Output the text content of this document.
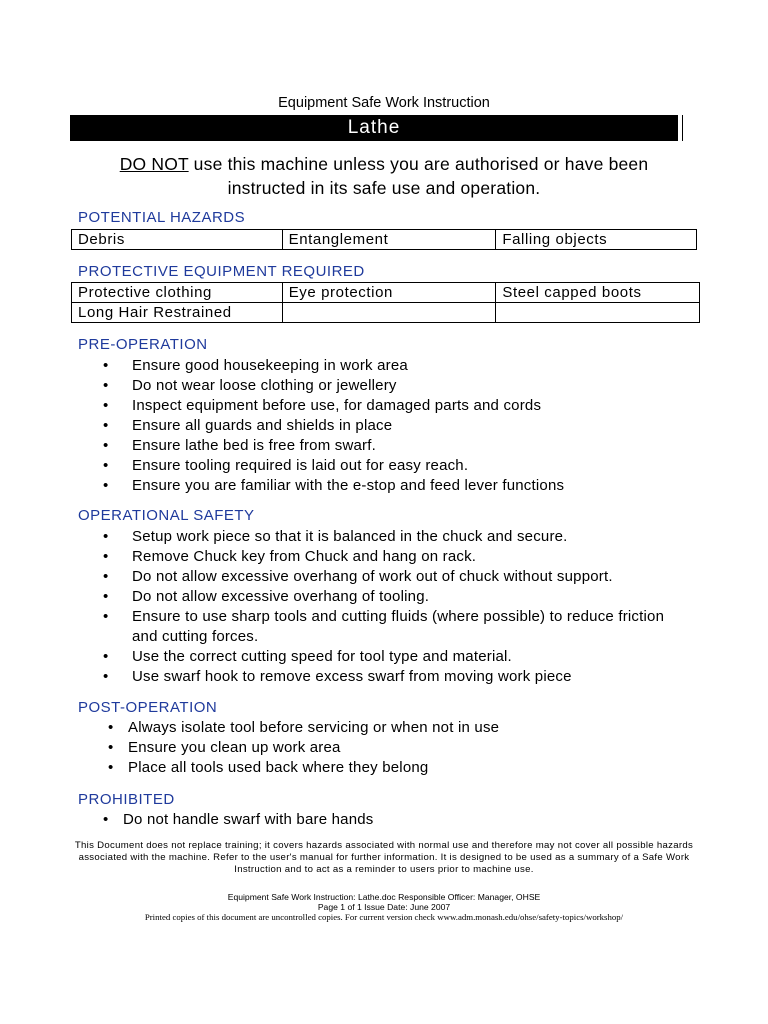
Equipment Safe Work Instruction
Lathe
DO NOT use this machine unless you are authorised or have been
instructed in its safe use and operation.
POTENTIAL HAZARDS
Debris	Entanglement	Falling objects
PROTECTIVE EQUIPMENT REQUIRED
Protective clothing	Eye protection	Steel capped boots
Long Hair Restrained		
PRE-OPERATION
• Ensure good housekeeping in work area
• Do not wear loose clothing or jewellery
• Inspect equipment before use, for damaged parts and cords
• Ensure all guards and shields in place
• Ensure lathe bed is free from swarf.
• Ensure tooling required is laid out for easy reach.
• Ensure you are familiar with the e-stop and feed lever functions
OPERATIONAL SAFETY
• Setup work piece so that it is balanced in the chuck and secure.
• Remove Chuck key from Chuck and hang on rack.
• Do not allow excessive overhang of work out of chuck without support.
• Do not allow excessive overhang of tooling.
• Ensure to use sharp tools and cutting fluids (where possible) to reduce friction and cutting forces.
• Use the correct cutting speed for tool type and material.
• Use swarf hook to remove excess swarf from moving work piece
POST-OPERATION
• Always isolate tool before servicing or when not in use
• Ensure you clean up work area
• Place all tools used back where they belong
PROHIBITED
• Do not handle swarf with bare hands
This Document does not replace training; it covers hazards associated with normal use and therefore may not cover all possible hazards associated with the machine. Refer to the user's manual for further information. It is designed to be used as a summary of a Safe Work Instruction and to act as a reminder to users prior to machine use.
Equipment Safe Work Instruction: Lathe.doc Responsible Officer: Manager, OHSE
Page 1 of 1 Issue Date: June 2007
Printed copies of this document are uncontrolled copies. For current version check www.adm.monash.edu/ohse/safety-topics/workshop/
